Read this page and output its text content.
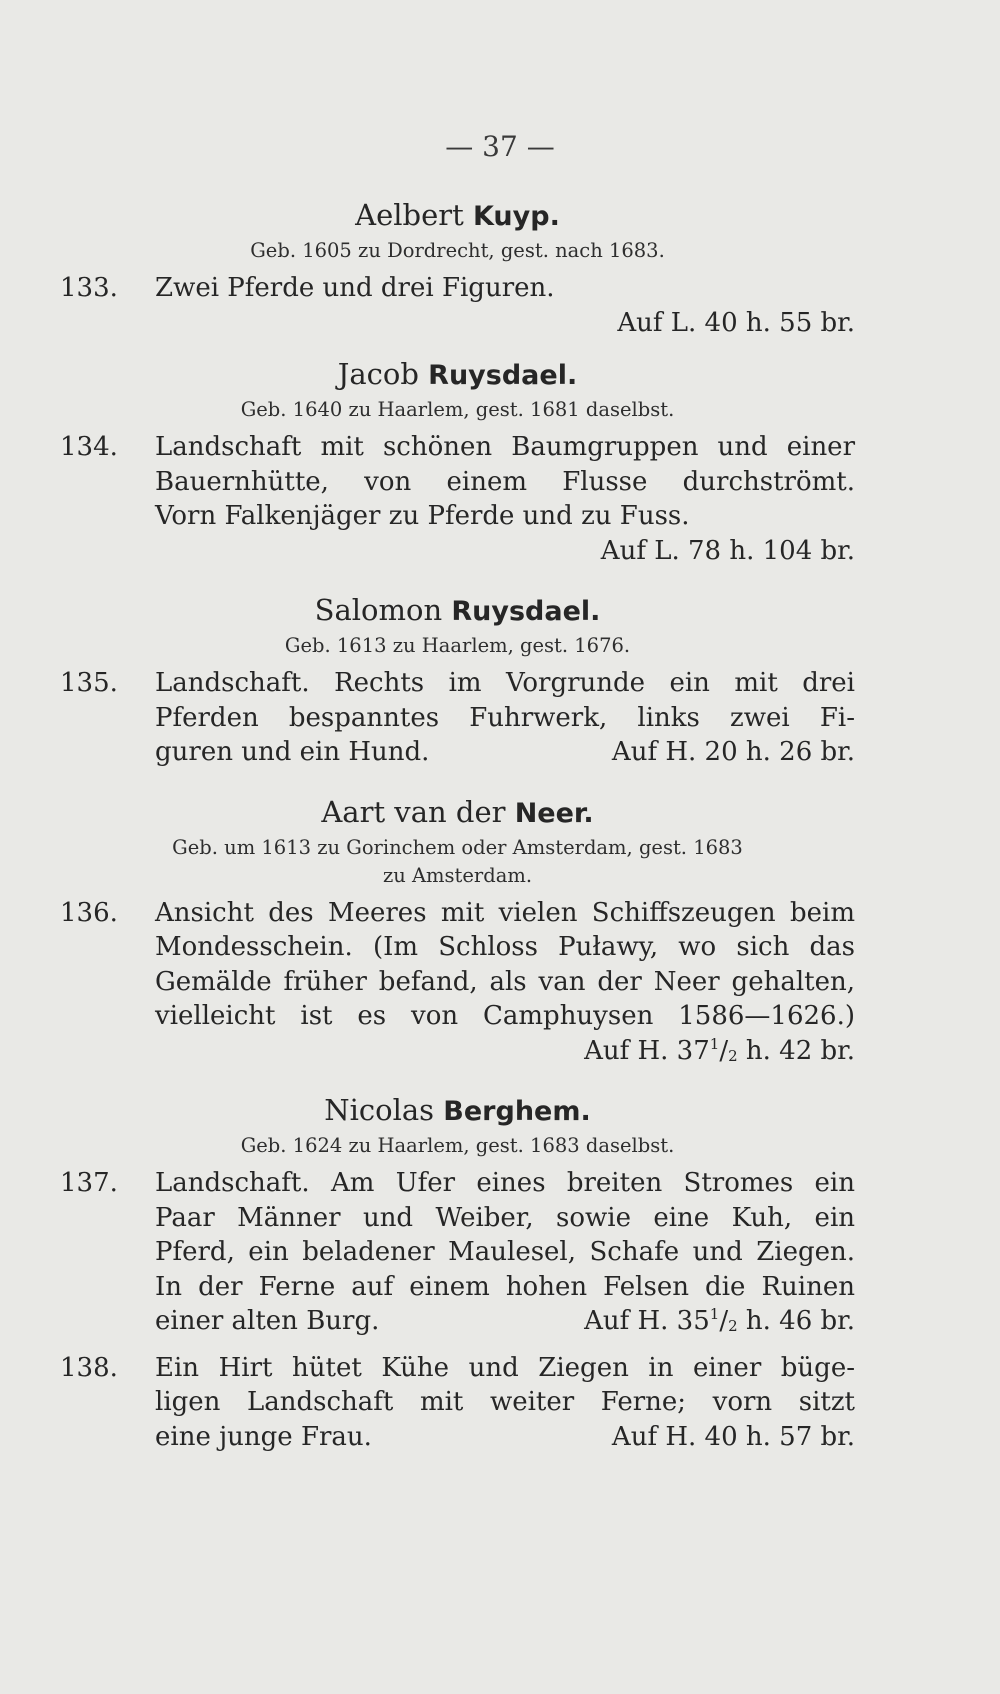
— 37 —
Aelbert Kuyp.
Geb. 1605 zu Dordrecht, gest. nach 1683.
133. Zwei Pferde und drei Figuren.
Auf L. 40 h. 55 br.
Jacob Ruysdael.
Geb. 1640 zu Haarlem, gest. 1681 daselbst.
134. Landschaft mit schönen Baumgruppen und einer
Bauernhütte, von einem Flusse durchströmt.
Vorn Falkenjäger zu Pferde und zu Fuss.
Auf L. 78 h. 104 br.
Salomon Ruysdael.
Geb. 1613 zu Haarlem, gest. 1676.
135. Landschaft. Rechts im Vorgrunde ein mit drei
Pferden bespanntes Fuhrwerk, links zwei Fi-
guren und ein Hund.	Auf H. 20 h. 26 br.
Aart van der Neer.
Geb. um 1613 zu Gorinchem oder Amsterdam, gest. 1683
zu Amsterdam.
136. Ansicht des Meeres mit vielen Schiffszeugen beim
Mondesschein. (Im Schloss Puławy, wo sich das
Gemälde früher befand, als van der Neer gehalten,
vielleicht ist es von Camphuysen 1586—1626.)
Auf H. $37^1/_2$ h. 42 br.
Nicolas Berghem.
Geb. 1624 zu Haarlem, gest. 1683 daselbst.
137. Landschaft. Am Ufer eines breiten Stromes ein
Paar Männer und Weiber, sowie eine Kuh, ein
Pferd, ein beladener Maulesel, Schafe und Ziegen.
In der Ferne auf einem hohen Felsen die Ruinen
einer alten Burg.	Auf H. $35^1/_2$ h. 46 br.
138. Ein Hirt hütet Kühe und Ziegen in einer büge-
ligen Landschaft mit weiter Ferne; vorn sitzt
eine junge Frau.	Auf H. 40 h. 57 br.
